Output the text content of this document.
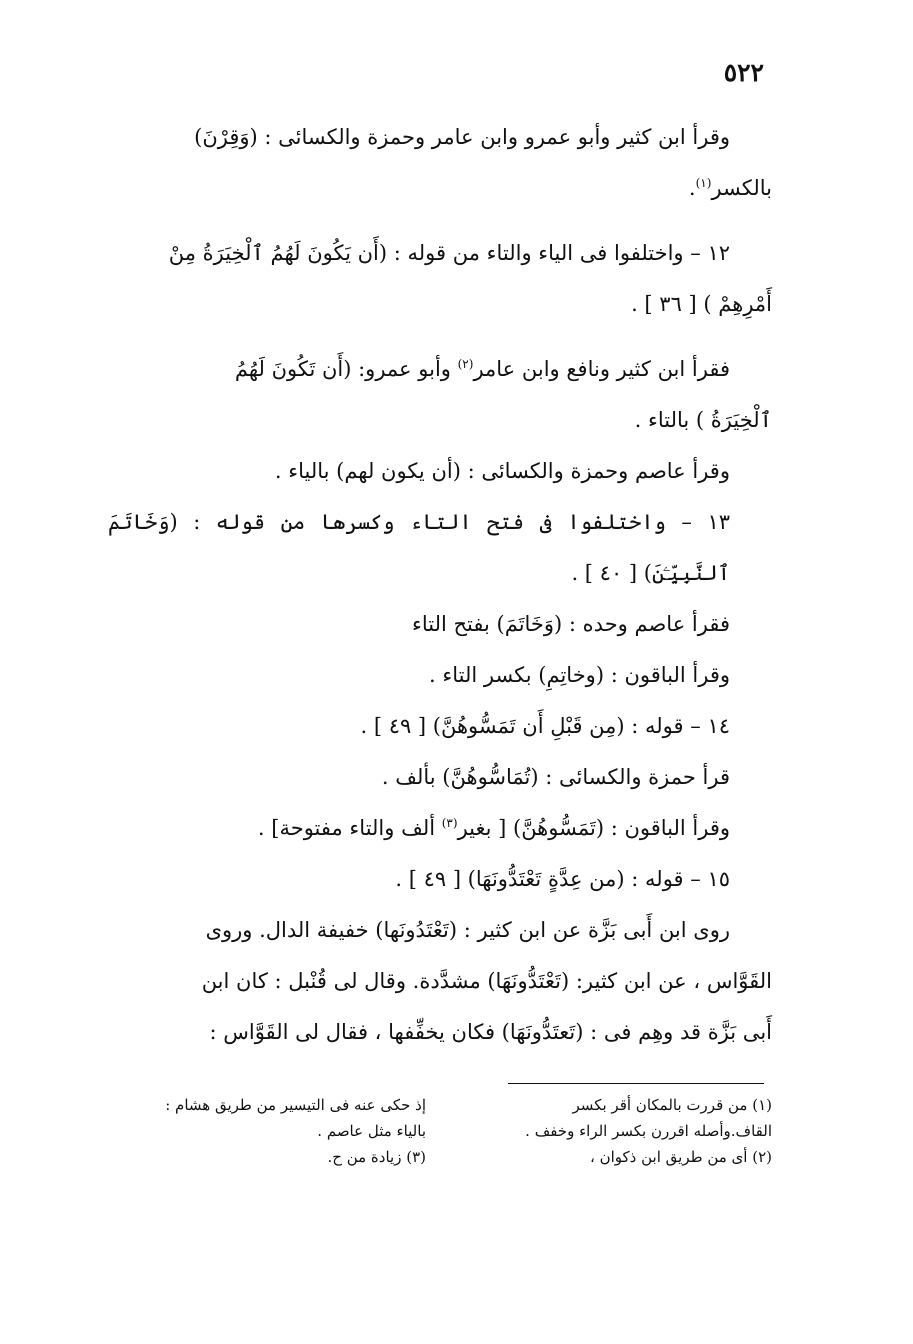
٥٢٢

وقرأ ابن كثير وأبو عمرو وابن عامر وحمزة والكسائى : (وَقِرْنَ)

بالكسر$^{(١)}$.

١٢ – واختلفوا فى الياء والتاء من قوله : (أَن يَكُونَ لَهُمُ ٱلْخِيَرَةُ مِنْ

أَمْرِهِمْ ) [ ٣٦ ] .

فقرأ ابن كثير ونافع وابن عامر$^{(٢)}$ وأبو عمرو: (أَن تَكُونَ لَهُمُ

ٱلْخِيَرَةُ ) بالتاء .

وقرأ عاصم وحمزة والكسائى : (أن يكون لهم) بالياء .

١٣ – واختلفوا فى فتح التاء وكسرها من قوله : (وَخَاتَمَ ٱلنَّبِيِّـۧنَ) [ ٤٠ ] .

فقرأ عاصم وحده : (وَخَاتَمَ) بفتح التاء

وقرأ الباقون : (وخاتِمِ) بكسر التاء .

١٤ – قوله : (مِن قَبْلِ أَن تَمَسُّوهُنَّ) [ ٤٩ ] .

قرأ حمزة والكسائى : (تُمَاسُّوهُنَّ) بألف .

وقرأ الباقون : (تَمَسُّوهُنَّ) [ بغير$^{(٣)}$ ألف والتاء مفتوحة] .

١٥ – قوله : (من عِدَّةٍ تَعْتَدُّونَهَا) [ ٤٩ ] .

روى ابن أَبى بَزَّة عن ابن كثير : (تَعْتَدُونَها) خفيفة الدال. وروى

القَوَّاس ، عن ابن كثير: (تَعْتَدُّونَهَا) مشدَّدة. وقال لى قُنْبل : كان ابن

أَبى بَزَّة قد وهِم فى : (تَعتَدُّونَهَا) فكان يخفِّفها ، فقال لى القَوَّاس :

(١) من قررت بالمكان أقر بكسر
إذ حكى عنه فى التيسير من طريق هشام :
القاف.وأصله اقررن بكسر الراء وخفف .
بالياء مثل عاصم .
(٢) أى من طريق ابن ذكوان ،
(٣) زيادة من ح.
